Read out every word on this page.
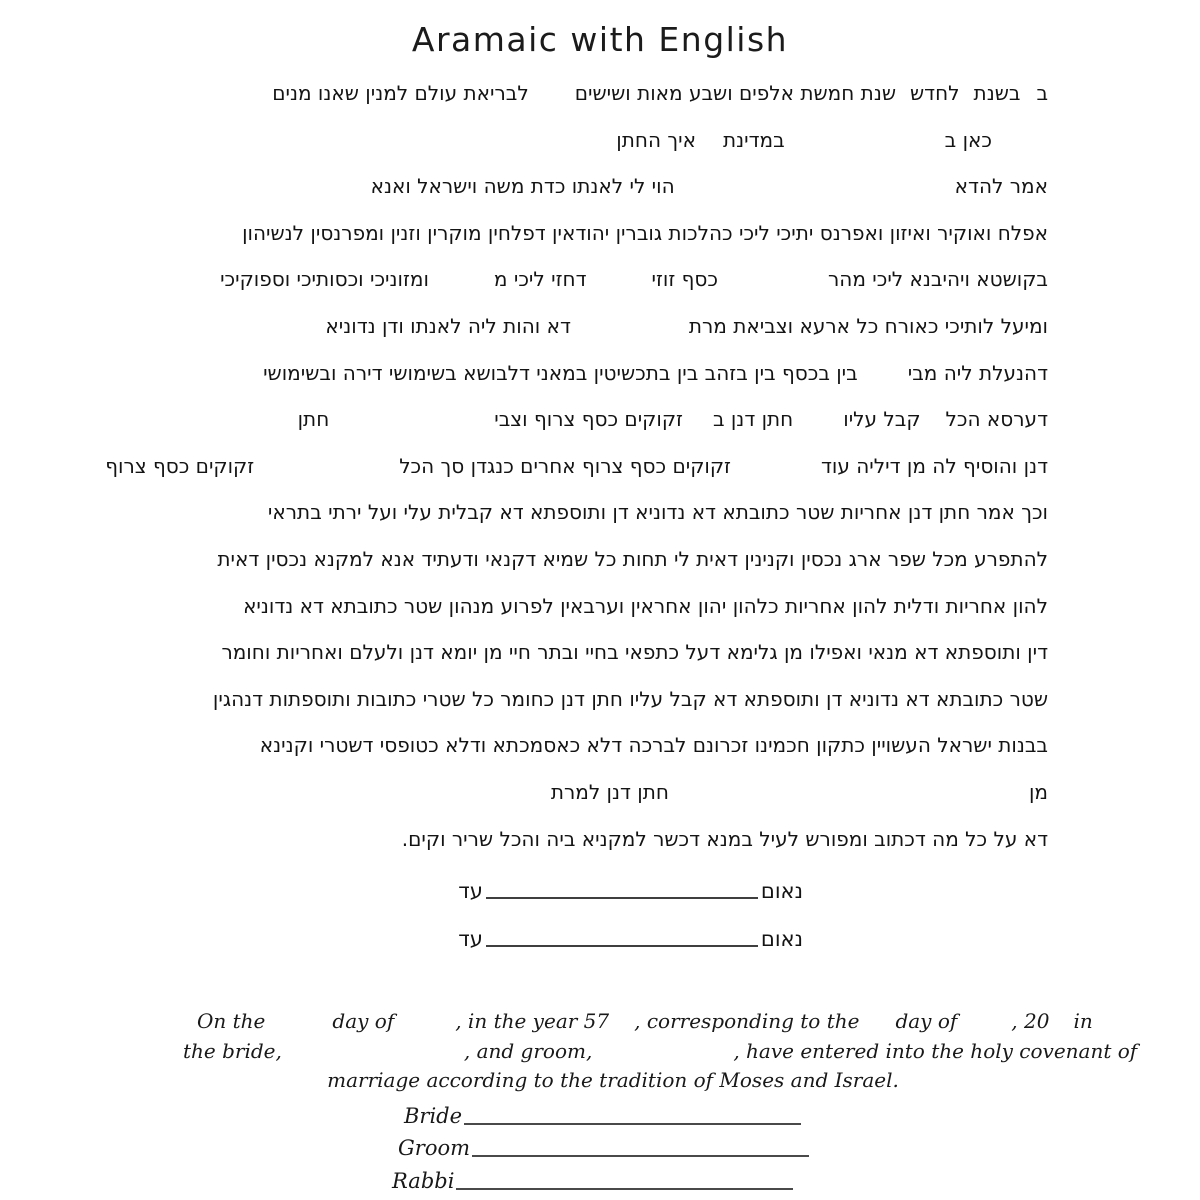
Aramaic with English
ב
בשנת
לחדש
שנת חמשת אלפים ושבע מאות ושישים
לבריאת עולם למנין שאנו מנים
כאן ב
במדינת
איך החתן
אמר להדא
הוי לי לאנתו כדת משה וישראל ואנא
אפלח ואוקיר ואיזון ואפרנס יתיכי ליכי כהלכות גוברין יהודאין דפלחין מוקרין וזנין ומפרנסין לנשיהון
בקושטא ויהיבנא ליכי מהר
כסף זוזי
דחזי ליכי מ
ומזוניכי וכסותיכי וספוקיכי
ומיעל לותיכי כאורח כל ארעא וצביאת מרת
דא והות ליה לאנתו ודן נדוניא
דהנעלת ליה מבי
בין בכסף בין בזהב בין בתכשיטין במאני דלבושא בשימושי דירה ובשימושי
דערסא הכל
קבל עליו
חתן דנן ב
זקוקים כסף צרוף וצבי
חתן
דנן והוסיף לה מן דיליה עוד
זקוקים כסף צרוף אחרים כנגדן סך הכל
זקוקים כסף צרוף
וכך אמר חתן דנן אחריות שטר כתובתא דא נדוניא דן ותוספתא דא קבלית עלי ועל ירתי בתראי
להתפרע מכל שפר ארג נכסין וקנינין דאית לי תחות כל שמיא דקנאי ודעתיד אנא למקנא נכסין דאית
להון אחריות ודלית להון אחריות כלהון יהון אחראין וערבאין לפרוע מנהון שטר כתובתא דא נדוניא
דין ותוספתא דא מנאי ואפילו מן גלימא דעל כתפאי בחיי ובתר חיי מן יומא דנן ולעלם ואחריות וחומר
שטר כתובתא דא נדוניא דן ותוספתא דא קבל עליו חתן דנן כחומר כל שטרי כתובות ותוספתות דנהגין
בבנות ישראל העשויין כתקון חכמינו זכרונם לברכה דלא כאסמכתא ודלא כטופסי דשטרי וקנינא
מן
חתן דנן למרת
דא על כל מה דכתוב ומפורש לעיל במנא דכשר למקניא ביה והכל שריר וקים.
נאום
עד
נאום
עד
On the	day of	, in the year 57 , corresponding to the day of	, 20 in
the bride,	, and groom,	, have entered into the holy covenant of
marriage according to the tradition of Moses and Israel.
Bride
Groom
Rabbi
